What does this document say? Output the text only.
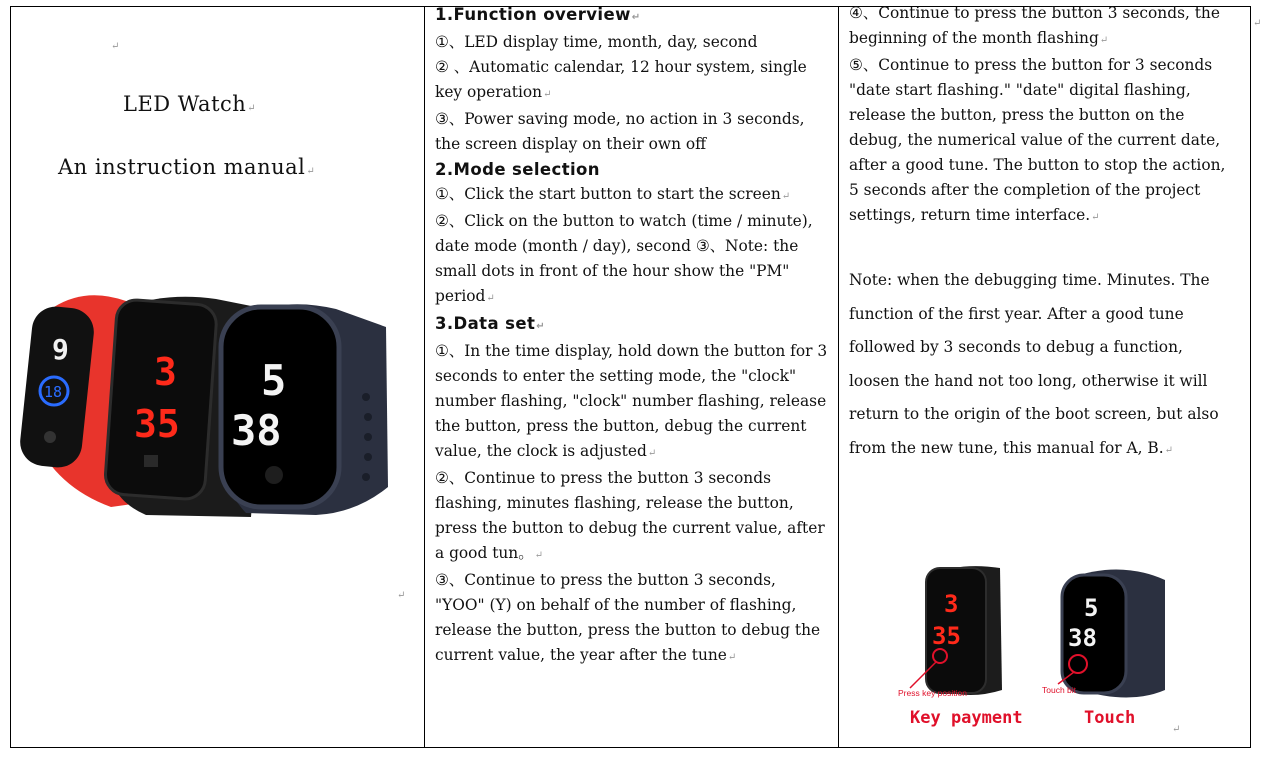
↵
LED Watch↵
An instruction manual↵
↵
9
18 3
35
5
38

1.Function overview↵

①、LED display time, month, day, second

② 、Automatic calendar, 12 hour system, single key operation↵

③、Power saving mode, no action in 3 seconds, the screen display on their own off

2.Mode selection

①、Click the start button to start the screen↵

②、Click on the button to watch (time / minute), date mode (month / day), second ③、Note: the small dots in front of the hour show the "PM" period↵

3.Data set↵

①、In the time display, hold down the button for 3 seconds to enter the setting mode, the "clock" number flashing, "clock" number flashing, release the button, press the button, debug the current value, the clock is adjusted↵

②、Continue to press the button 3 seconds flashing, minutes flashing, release the button, press the button to debug the current value, after a good tun。↵

③、Continue to press the button 3 seconds, "YOO" (Y) on behalf of the number of flashing, release the button, press the button to debug the current value, the year after the tune↵

④、Continue to press the button 3 seconds, the beginning of the month flashing↵

⑤、Continue to press the button for 3 seconds "date start flashing." "date" digital flashing, release the button, press the button on the debug, the numerical value of the current date, after a good tune. The button to stop the action, 5 seconds after the completion of the project settings, return time interface.↵

Note: when the debugging time. Minutes. The function of the first year. After a good tune followed by 3 seconds to debug a function, loosen the hand not too long, otherwise it will return to the origin of the boot screen, but also from the new tune, this manual for A, B.↵

3
35
Press key position
Key payment
5
38
Touch bit
Touch
↵
↵
